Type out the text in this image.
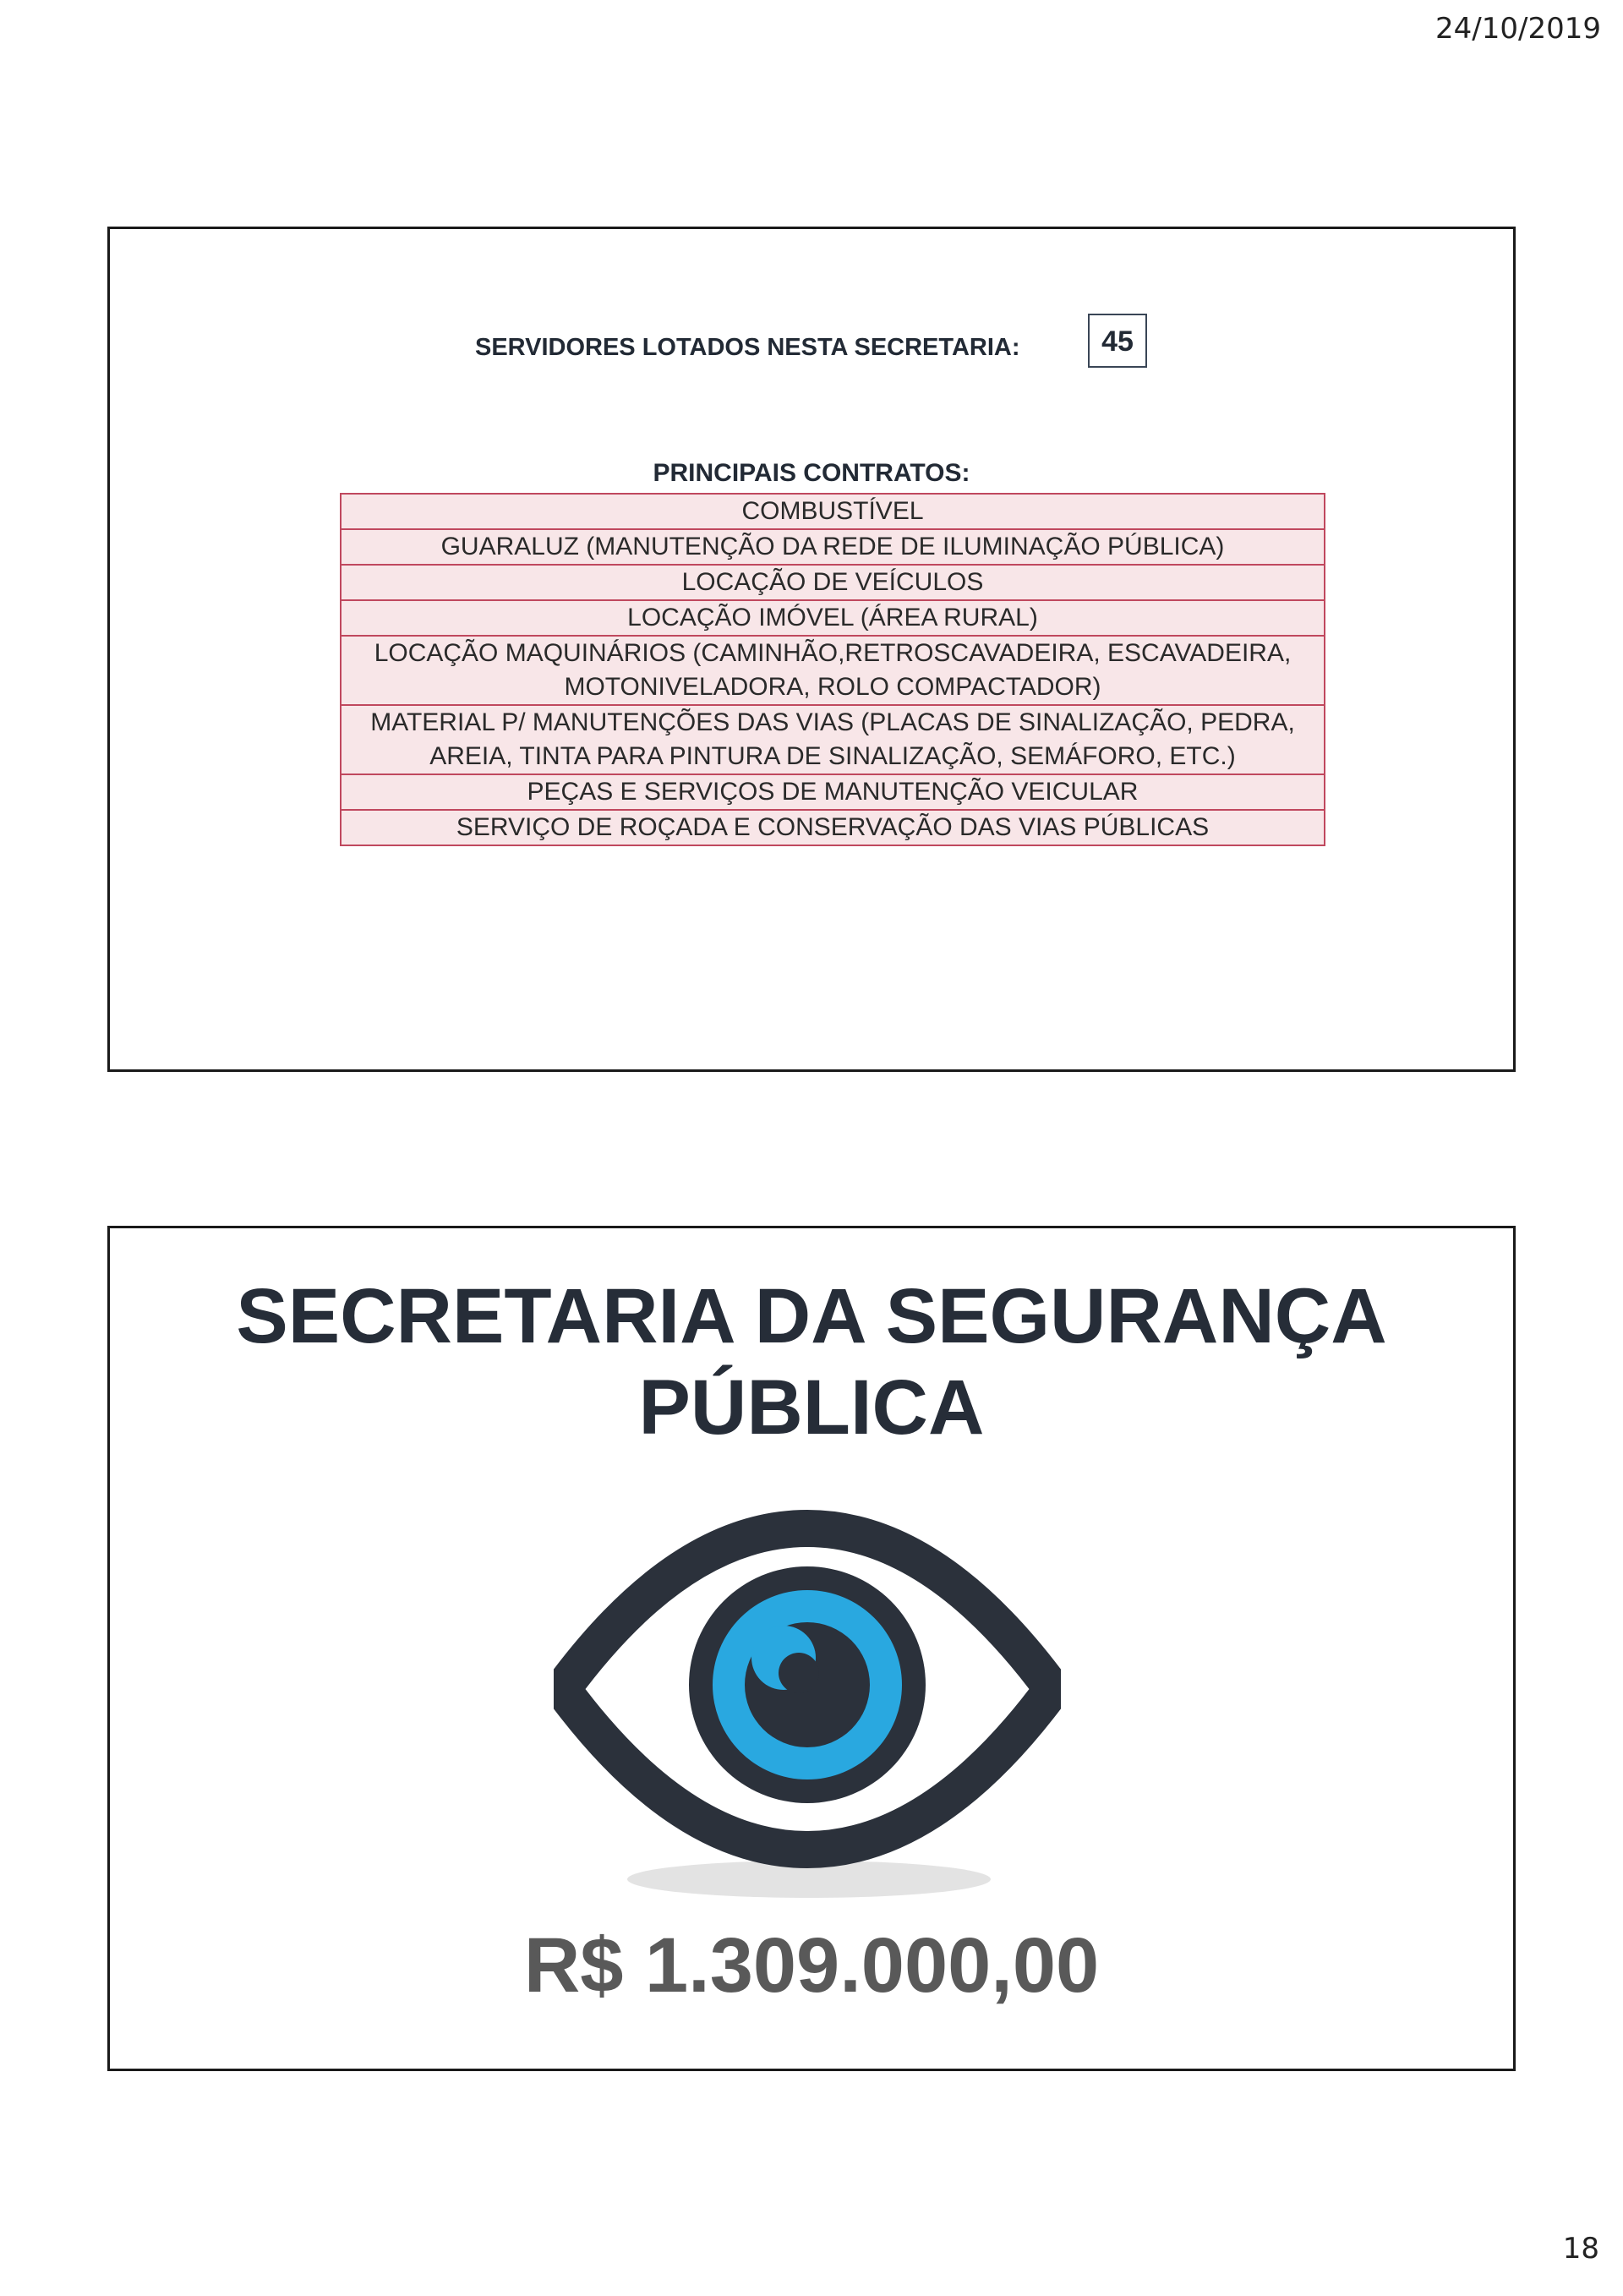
24/10/2019
SERVIDORES LOTADOS NESTA SECRETARIA:	45
PRINCIPAIS CONTRATOS:
COMBUSTÍVEL
GUARALUZ (MANUTENÇÃO DA REDE DE ILUMINAÇÃO PÚBLICA)
LOCAÇÃO DE VEÍCULOS
LOCAÇÃO IMÓVEL (ÁREA RURAL)
LOCAÇÃO MAQUINÁRIOS (CAMINHÃO,RETROSCAVADEIRA, ESCAVADEIRA, MOTONIVELADORA, ROLO COMPACTADOR)
MATERIAL P/ MANUTENÇÕES DAS VIAS (PLACAS DE SINALIZAÇÃO, PEDRA, AREIA, TINTA PARA PINTURA DE SINALIZAÇÃO, SEMÁFORO, ETC.)
PEÇAS E SERVIÇOS DE MANUTENÇÃO VEICULAR
SERVIÇO DE ROÇADA E CONSERVAÇÃO DAS VIAS PÚBLICAS
SECRETARIA DA SEGURANÇA
PÚBLICA
R$ 1.309.000,00
18
